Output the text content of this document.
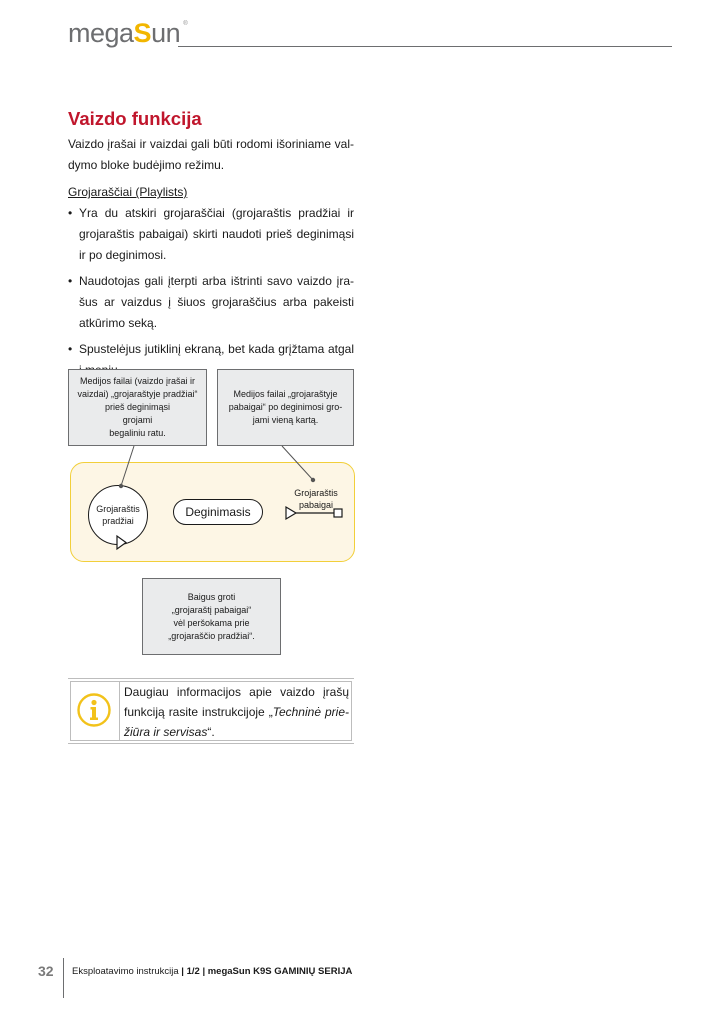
megaSun ®
Vaizdo funkcija

Vaizdo įrašai ir vaizdai gali būti rodomi išoriniame val-dymo bloke budėjimo režimu.

Grojaraščiai (Playlists)
• Yra du atskiri grojaraščiai (grojaraštis pradžiai ir grojaraštis pabaigai) skirti naudoti prieš deginimąsi ir po deginimosi.
• Naudotojas gali įterpti arba ištrinti savo vaizdo įra-šus ar vaizdus į šiuos grojaraščius arba pakeisti atkūrimo seką.
• Spustelėjus jutiklinį ekraną, bet kada grįžtama atgal
Medijos failai (vaizdo įrašai ir
vaizdai) „grojaraštyje pradžiai“
prieš deginimąsi
grojami
begaliniu ratu.
Medijos failai „grojaraštyje
pabaigai“ po deginimosi gro-
jami vieną kartą.
Grojaraštis
pradžiai
Deginimasis
Grojaraštis
pabaigai
Baigus groti
„grojaraštį pabaigai“
vėl peršokama prie
„grojaraščio pradžiai“.
Daugiau informacijos apie vaizdo įrašų funkciją rasite instrukcijoje „Techninė prie-žiūra ir servisas“.
32 Eksploatavimo instrukcija | 1/2 | megaSun K9S GAMINIŲ SERIJA
